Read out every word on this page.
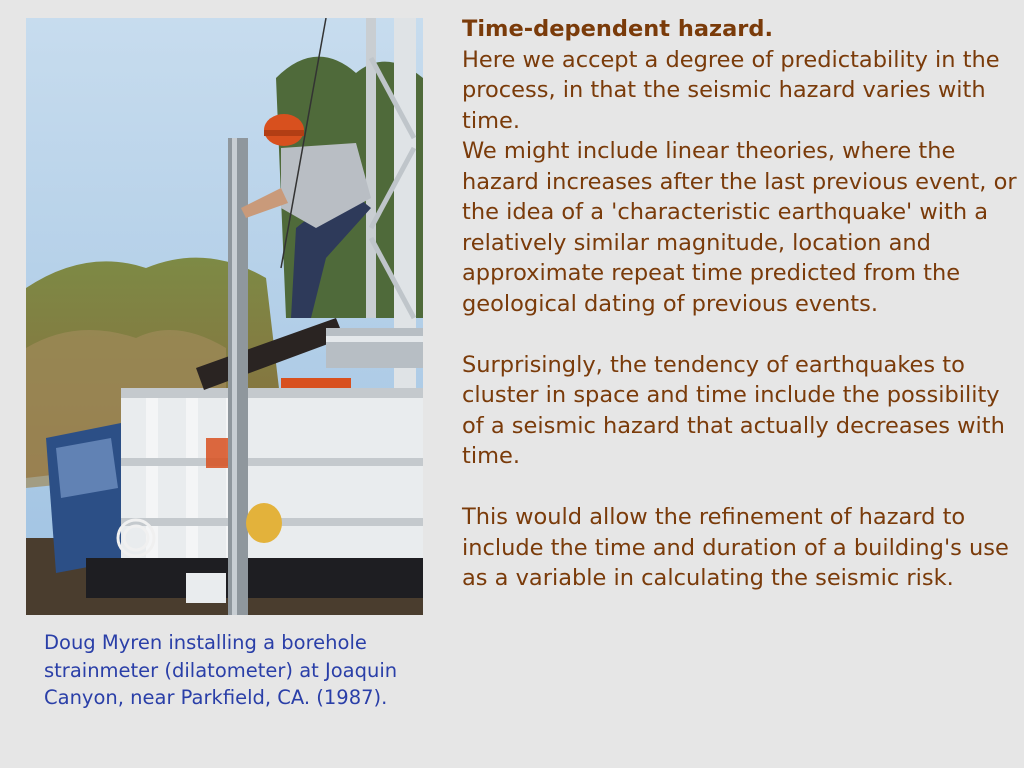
Doug Myren installing a borehole strainmeter (dilatometer) at Joaquin Canyon, near Parkfield, CA. (1987).

Time-dependent hazard.

Here we accept a degree of predictability in the process, in that the seismic hazard varies with time.

We might include linear theories, where the hazard increases after the last previous event, or the idea of a 'characteristic earthquake' with a relatively similar magnitude, location and approximate repeat time predicted from the geological dating of previous events.

Surprisingly, the tendency of earthquakes to cluster in space and time include the possibility of a seismic hazard that actually decreases with time.

This would allow the refinement of hazard to include the time and duration of a building's use as a variable in calculating the seismic risk.
